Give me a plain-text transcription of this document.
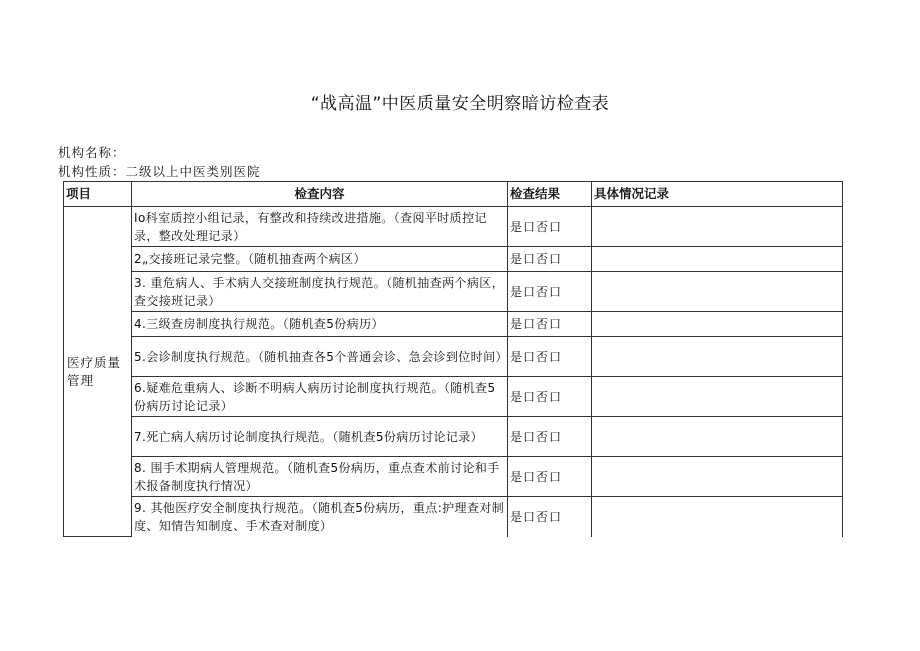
“战高温”中医质量安全明察暗访检查表
机构名称：
机构性质：二级以上中医类别医院
项目	检查内容	检查结果	具体情况记录
医疗质量管理	Io科室质控小组记录，有整改和持续改进措施。（查阅平时质控记录，整改处理记录）	是口否口	
	2„交接班记录完整。（随机抽查两个病区）	是口否口	
	3. 重危病人、手术病人交接班制度执行规范。（随机抽查两个病区，查交接班记录）	是口否口	
	4.三级查房制度执行规范。（随机查5份病历）	是口否口	
	5.会诊制度执行规范。（随机抽查各5个普通会诊、急会诊到位时间）	是口否口	
	6.疑难危重病人、诊断不明病人病历讨论制度执行规范。（随机查5份病历讨论记录）	是口否口	
	7.死亡病人病历讨论制度执行规范。（随机查5份病历讨论记录）	是口否口	
	8. 围手术期病人管理规范。（随机查5份病历，重点查术前讨论和手术报备制度执行情况）	是口否口	
	9. 其他医疗安全制度执行规范。（随机查5份病历，重点:护理查对制度、知情告知制度、手术查对制度）	是口否口	
